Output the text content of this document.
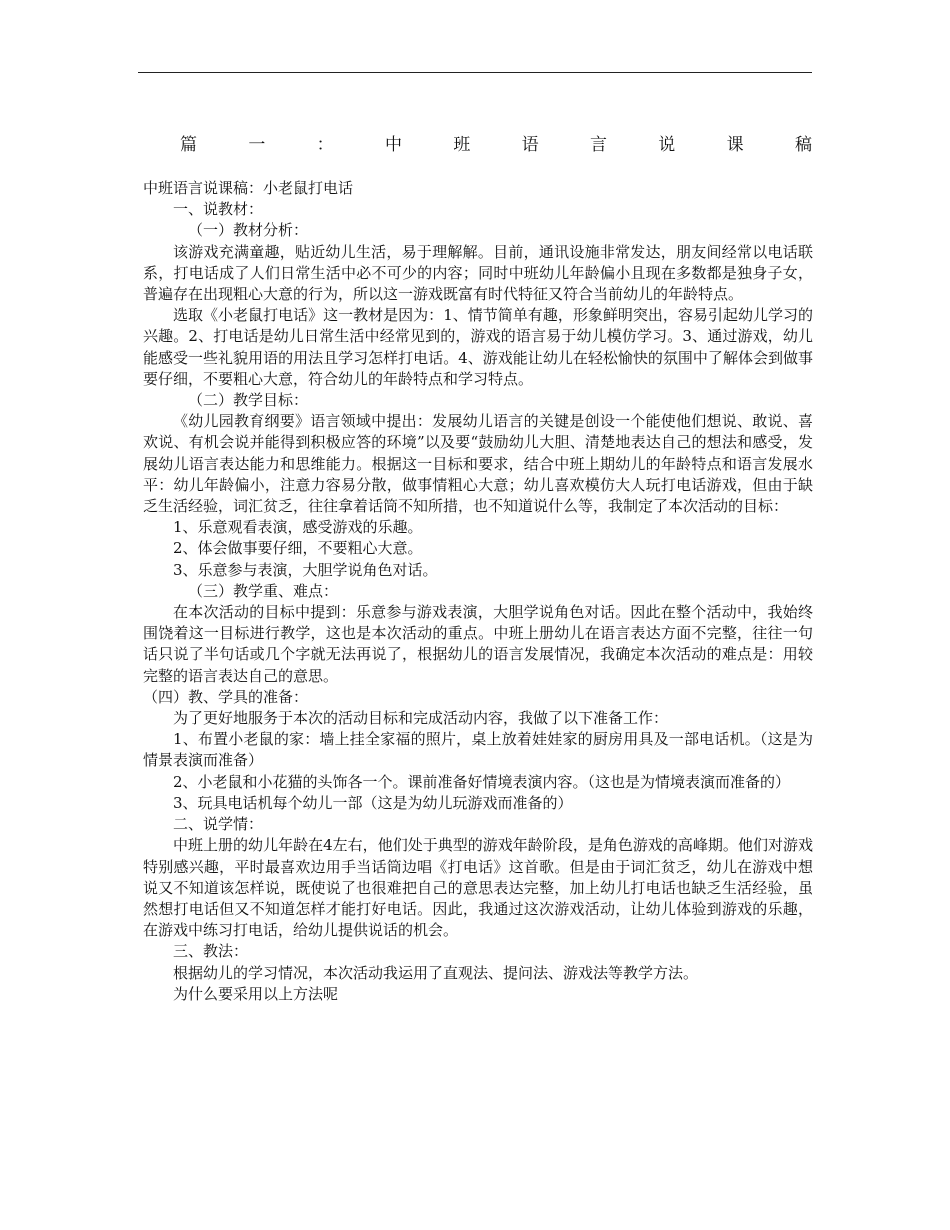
篇	一	：	中	班	语	言	说	课	稿

中班语言说课稿：小老鼠打电话

一、说教材：

（一）教材分析：

该游戏充满童趣，贴近幼儿生活，易于理解解。目前，通讯设施非常发达，朋友间经常以电话联系，打电话成了人们日常生活中必不可少的内容；同时中班幼儿年龄偏小且现在多数都是独身子女，普遍存在出现粗心大意的行为，所以这一游戏既富有时代特征又符合当前幼儿的年龄特点。

选取《小老鼠打电话》这一教材是因为：1、情节简单有趣，形象鲜明突出，容易引起幼儿学习的兴趣。2、打电话是幼儿日常生活中经常见到的，游戏的语言易于幼儿模仿学习。3、通过游戏，幼儿能感受一些礼貌用语的用法且学习怎样打电话。4、游戏能让幼儿在轻松愉快的氛围中了解体会到做事要仔细，不要粗心大意，符合幼儿的年龄特点和学习特点。

（二）教学目标：

《幼儿园教育纲要》语言领域中提出：发展幼儿语言的关键是创设一个能使他们想说、敢说、喜欢说、有机会说并能得到积极应答的环境”以及要“鼓励幼儿大胆、清楚地表达自己的想法和感受，发展幼儿语言表达能力和思维能力。根据这一目标和要求，结合中班上期幼儿的年龄特点和语言发展水平：幼儿年龄偏小，注意力容易分散，做事情粗心大意；幼儿喜欢模仿大人玩打电话游戏，但由于缺乏生活经验，词汇贫乏，往往拿着话筒不知所措，也不知道说什么等，我制定了本次活动的目标：

1、乐意观看表演，感受游戏的乐趣。

2、体会做事要仔细，不要粗心大意。

3、乐意参与表演，大胆学说角色对话。

（三）教学重、难点：

在本次活动的目标中提到：乐意参与游戏表演，大胆学说角色对话。因此在整个活动中，我始终围饶着这一目标进行教学，这也是本次活动的重点。中班上册幼儿在语言表达方面不完整，往往一句话只说了半句话或几个字就无法再说了，根据幼儿的语言发展情况，我确定本次活动的难点是：用较完整的语言表达自己的意思。

（四）教、学具的准备：

为了更好地服务于本次的活动目标和完成活动内容，我做了以下准备工作：

1、布置小老鼠的家：墙上挂全家福的照片，桌上放着娃娃家的厨房用具及一部电话机。（这是为情景表演而准备）

2、小老鼠和小花猫的头饰各一个。课前准备好情境表演内容。（这也是为情境表演而准备的）

3、玩具电话机每个幼儿一部（这是为幼儿玩游戏而准备的）

二、说学情：

中班上册的幼儿年龄在4左右，他们处于典型的游戏年龄阶段，是角色游戏的高峰期。他们对游戏特别感兴趣，平时最喜欢边用手当话筒边唱《打电话》这首歌。但是由于词汇贫乏，幼儿在游戏中想说又不知道该怎样说，既使说了也很难把自己的意思表达完整，加上幼儿打电话也缺乏生活经验，虽然想打电话但又不知道怎样才能打好电话。因此，我通过这次游戏活动，让幼儿体验到游戏的乐趣，在游戏中练习打电话，给幼儿提供说话的机会。

三、教法：

根据幼儿的学习情况，本次活动我运用了直观法、提问法、游戏法等教学方法。

为什么要采用以上方法呢
